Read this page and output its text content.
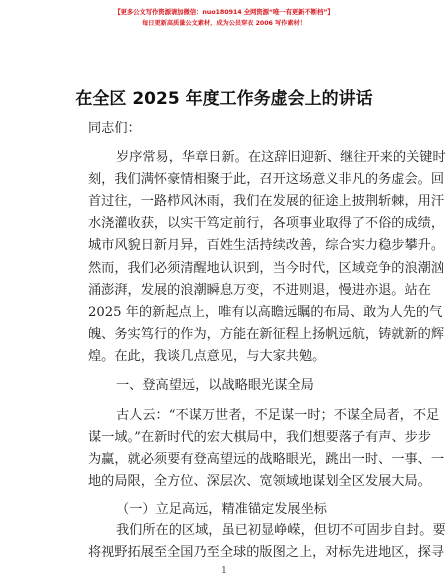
【更多公文写作资源请加微信：nuo180914 全网资源“唯一有更新不断档”】
每日更新高质量公文素材，成为公员穿衣 2006 写作素材！
在全区 2025 年度工作务虚会上的讲话
同志们：
岁序常易，华章日新。在这辞旧迎新、继往开来的关键时
刻，我们满怀豪情相聚于此，召开这场意义非凡的务虚会。回
首过往，一路栉风沐雨，我们在发展的征途上披荆斩棘，用汗
水浇灌收获，以实干笃定前行，各项事业取得了不俗的成绩，
城市风貌日新月异，百姓生活持续改善，综合实力稳步攀升。
然而，我们必须清醒地认识到，当今时代，区域竞争的浪潮汹
涌澎湃，发展的浪潮瞬息万变，不进则退，慢进亦退。站在
2025 年的新起点上，唯有以高瞻远瞩的布局、敢为人先的气
魄、务实笃行的作为，方能在新征程上扬帆远航，铸就新的辉
煌。在此，我谈几点意见，与大家共勉。
一、登高望远，以战略眼光谋全局
古人云：“不谋万世者，不足谋一时；不谋全局者，不足
谋一域。”在新时代的宏大棋局中，我们想要落子有声、步步
为赢，就必须要有登高望远的战略眼光，跳出一时、一事、一
地的局限，全方位、深层次、宽领域地谋划全区发展大局。
（一）立足高远，精准锚定发展坐标
我们所在的区域，虽已初显峥嵘，但切不可固步自封。要
将视野拓展至全国乃至全球的版图之上，对标先进地区，探寻
1
